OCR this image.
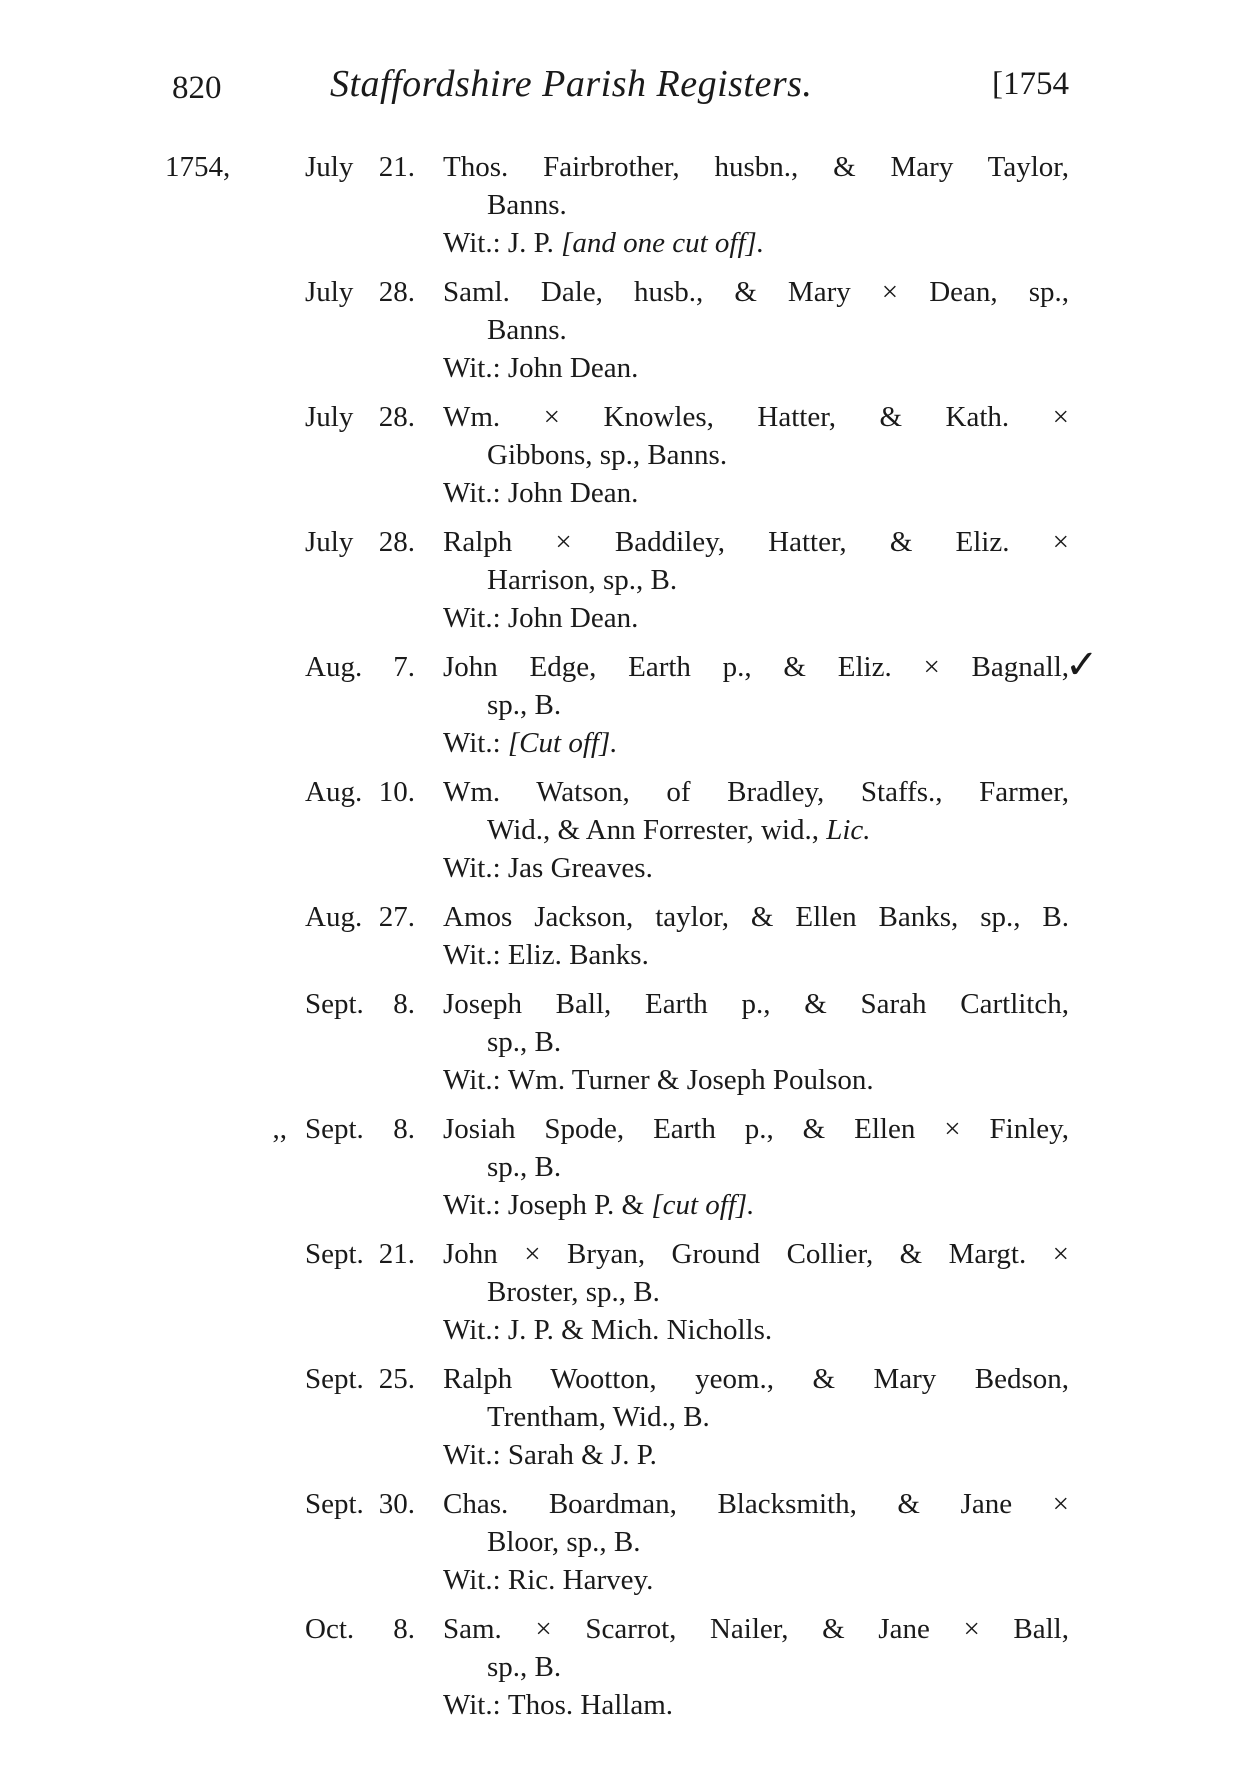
820	Staffordshire Parish Registers.	[1754
1754,	July 21. Thos. Fairbrother, husbn., & Mary Taylor,
Banns.
Wit.: J. P. [and one cut off].
July 28. Saml. Dale, husb., & Mary × Dean, sp.,
Banns.
Wit.: John Dean.
July 28. Wm. × Knowles, Hatter, & Kath. ×
Gibbons, sp., Banns.
Wit.: John Dean.
July 28. Ralph × Baddiley, Hatter, & Eliz. ×
Harrison, sp., B.
Wit.: John Dean.
Aug.	7. John Edge, Earth p., & Eliz. × Bagnall,
sp., B.
Wit.: [Cut off].
Aug. 10. Wm. Watson, of Bradley, Staffs., Farmer,
Wid., & Ann Forrester, wid., Lic.
Wit.: Jas Greaves.
Aug. 27. Amos Jackson, taylor, & Ellen Banks, sp., B.
Wit.: Eliz. Banks.
Sept.	8. Joseph Ball, Earth p., & Sarah Cartlitch,
sp., B.
Wit.: Wm. Turner & Joseph Poulson.
,, Sept.	8. Josiah Spode, Earth p., & Ellen × Finley,
sp., B.
Wit.: Joseph P. & [cut off].
Sept. 21. John × Bryan, Ground Collier, & Margt. ×
Broster, sp., B.
Wit.: J. P. & Mich. Nicholls.
Sept. 25. Ralph Wootton, yeom., & Mary Bedson,
Trentham, Wid., B.
Wit.: Sarah & J. P.
Sept. 30. Chas. Boardman, Blacksmith, & Jane ×
Bloor, sp., B.
Wit.: Ric. Harvey.
Oct.	8. Sam. × Scarrot, Nailer, & Jane × Ball,
sp., B.
Wit.: Thos. Hallam.
✓
